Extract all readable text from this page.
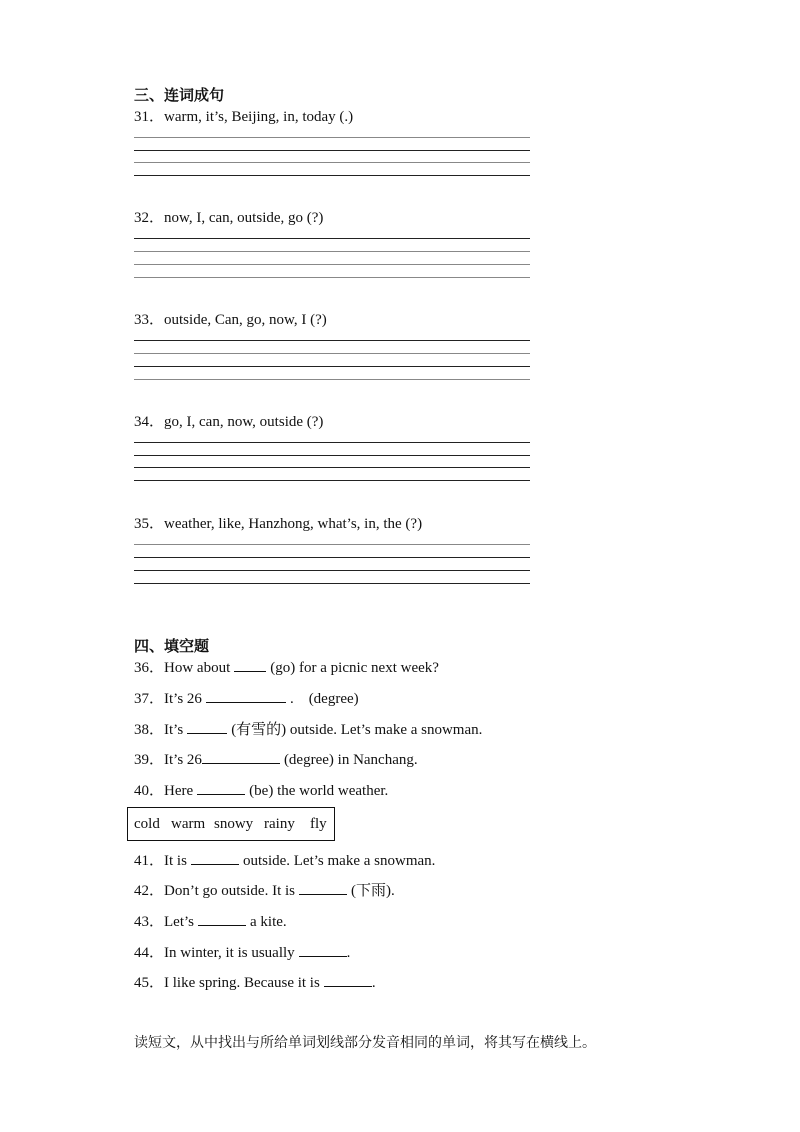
三、连词成句
31．warm, it’s, Beijing, in, today (.)
32．now, I, can, outside, go (?)
33．outside, Can, go, now, I (?)
34．go, I, can, now, outside (?)
35．weather, like, Hanzhong, what’s, in, the (?)
四、填空题
36．How about	(go) for a picnic next week?
37．It’s 26	.    (degree)
38．It’s	(有雪的) outside. Let’s make a snowman.
39．It’s 26	(degree) in Nanchang.
40．Here	(be) the world weather.
cold warm snowy rainy fly
41．It is	outside. Let’s make a snowman.
42．Don’t go outside. It is	(下雨).
43．Let’s	a kite.
44．In winter, it is usually	.
45．I like spring. Because it is	.
读短文，从中找出与所给单词划线部分发音相同的单词，将其写在横线上。
